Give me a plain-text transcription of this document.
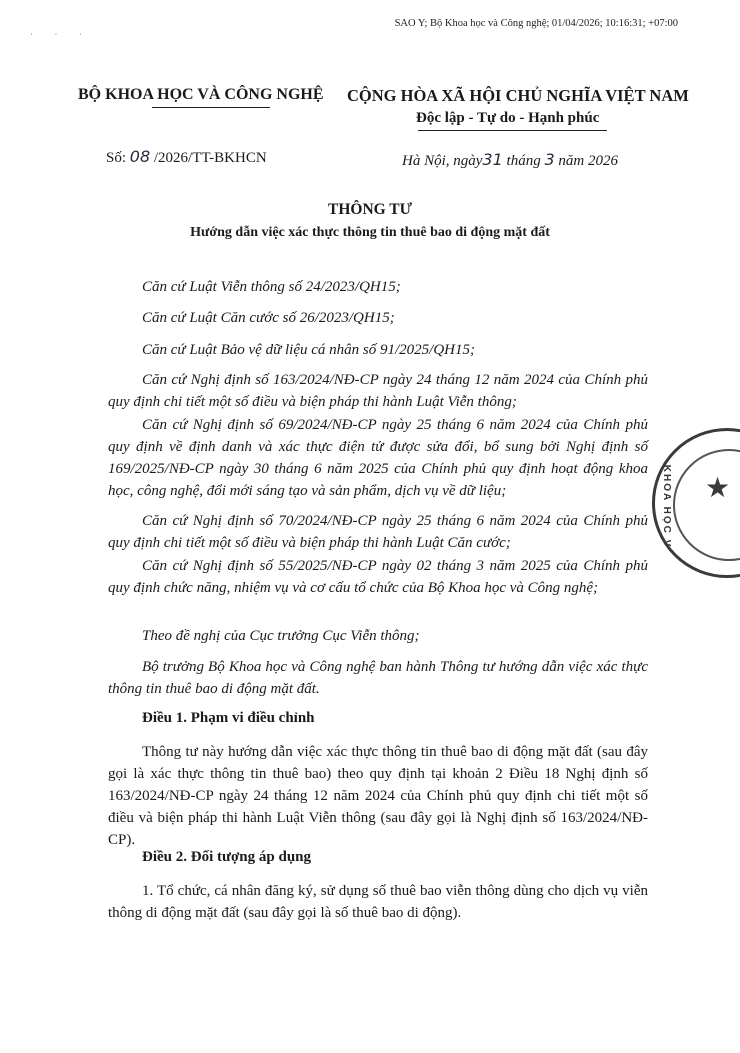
SAO Y; Bộ Khoa học và Công nghệ; 01/04/2026; 10:16:31; +07:00
· · ·
BỘ KHOA HỌC VÀ CÔNG NGHỆ CỘNG HÒA XÃ HỘI CHỦ NGHĨA VIỆT NAM
Độc lập - Tự do - Hạnh phúc
Số: 08 /2026/TT-BKHCN	Hà Nội, ngày31 tháng 3 năm 2026
THÔNG TƯ
Hướng dẫn việc xác thực thông tin thuê bao di động mặt đất
Căn cứ Luật Viễn thông số 24/2023/QH15;
Căn cứ Luật Căn cước số 26/2023/QH15;
Căn cứ Luật Bảo vệ dữ liệu cá nhân số 91/2025/QH15;
Căn cứ Nghị định số 163/2024/NĐ-CP ngày 24 tháng 12 năm 2024 của Chính phủ quy định chi tiết một số điều và biện pháp thi hành Luật Viễn thông;
Căn cứ Nghị định số 69/2024/NĐ-CP ngày 25 tháng 6 năm 2024 của Chính phủ quy định về định danh và xác thực điện tử được sửa đổi, bổ sung bởi Nghị định số 169/2025/NĐ-CP ngày 30 tháng 6 năm 2025 của Chính phủ quy định hoạt động khoa học, công nghệ, đổi mới sáng tạo và sản phẩm, dịch vụ về dữ liệu;
Căn cứ Nghị định số 70/2024/NĐ-CP ngày 25 tháng 6 năm 2024 của Chính phủ quy định chi tiết một số điều và biện pháp thi hành Luật Căn cước;
Căn cứ Nghị định số 55/2025/NĐ-CP ngày 02 tháng 3 năm 2025 của Chính phủ quy định chức năng, nhiệm vụ và cơ cấu tổ chức của Bộ Khoa học và Công nghệ;
Theo đề nghị của Cục trưởng Cục Viễn thông;
Bộ trưởng Bộ Khoa học và Công nghệ ban hành Thông tư hướng dẫn việc xác thực thông tin thuê bao di động mặt đất.
Điều 1. Phạm vi điều chỉnh
Thông tư này hướng dẫn việc xác thực thông tin thuê bao di động mặt đất (sau đây gọi là xác thực thông tin thuê bao) theo quy định tại khoản 2 Điều 18 Nghị định số 163/2024/NĐ-CP ngày 24 tháng 12 năm 2024 của Chính phủ quy định chi tiết một số điều và biện pháp thi hành Luật Viễn thông (sau đây gọi là Nghị định số 163/2024/NĐ-CP).
Điều 2. Đối tượng áp dụng
1. Tổ chức, cá nhân đăng ký, sử dụng số thuê bao viễn thông dùng cho dịch vụ viễn thông di động mặt đất (sau đây gọi là số thuê bao di động).
★
BỘ KHOA HỌC V
